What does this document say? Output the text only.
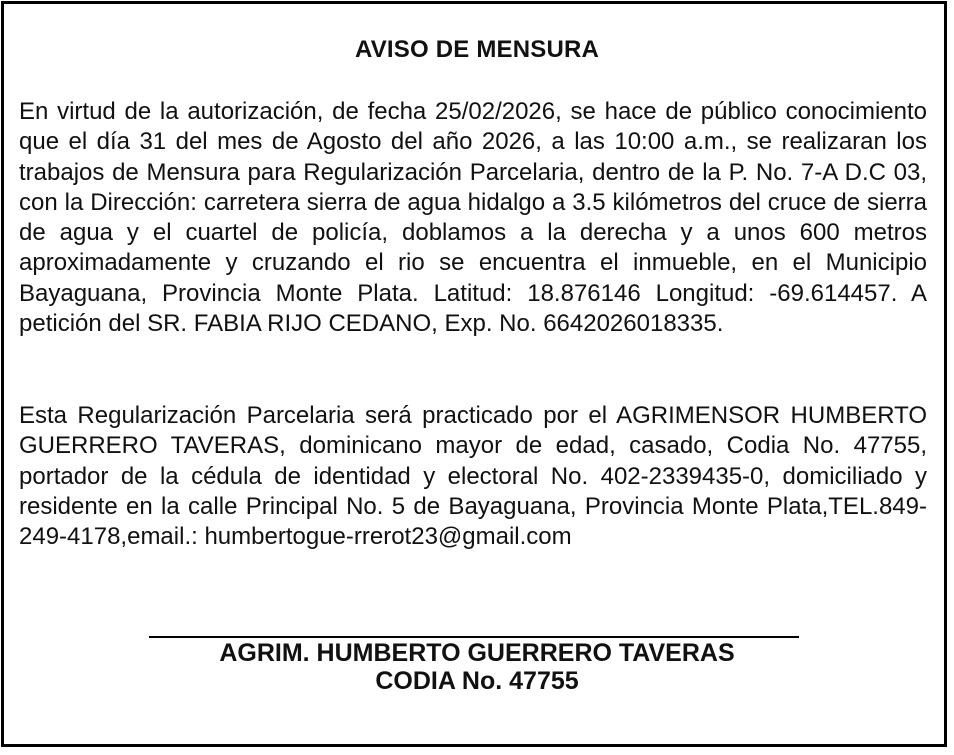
AVISO DE MENSURA

En virtud de la autorización, de fecha 25/02/2026, se hace de público conocimiento que el día 31 del mes de Agosto del año 2026, a las 10:00 a.m., se realizaran los trabajos de Mensura para Regularización Parcelaria, dentro de la P. No. 7-A D.C 03, con la Dirección: carretera sierra de agua hidalgo a 3.5 kilómetros del cruce de sierra de agua y el cuartel de policía, doblamos a la derecha y a unos 600 metros aproximadamente y cruzando el rio se encuentra el inmueble, en el Municipio Bayaguana, Provincia Monte Plata. Latitud: 18.876146 Longitud: -69.614457. A petición del SR. FABIA RIJO CEDANO, Exp. No. 6642026018335.

Esta Regularización Parcelaria será practicado por el AGRIMENSOR HUMBERTO GUERRERO TAVERAS, dominicano mayor de edad, casado, Codia No. 47755, portador de la cédula de identidad y electoral No. 402-2339435-0, domiciliado y residente en la calle Principal No. 5 de Bayaguana, Provincia Monte Plata,TEL.849-249-4178,email.: humbertogue-rrerot23@gmail.com

AGRIM. HUMBERTO GUERRERO TAVERAS
CODIA No. 47755
